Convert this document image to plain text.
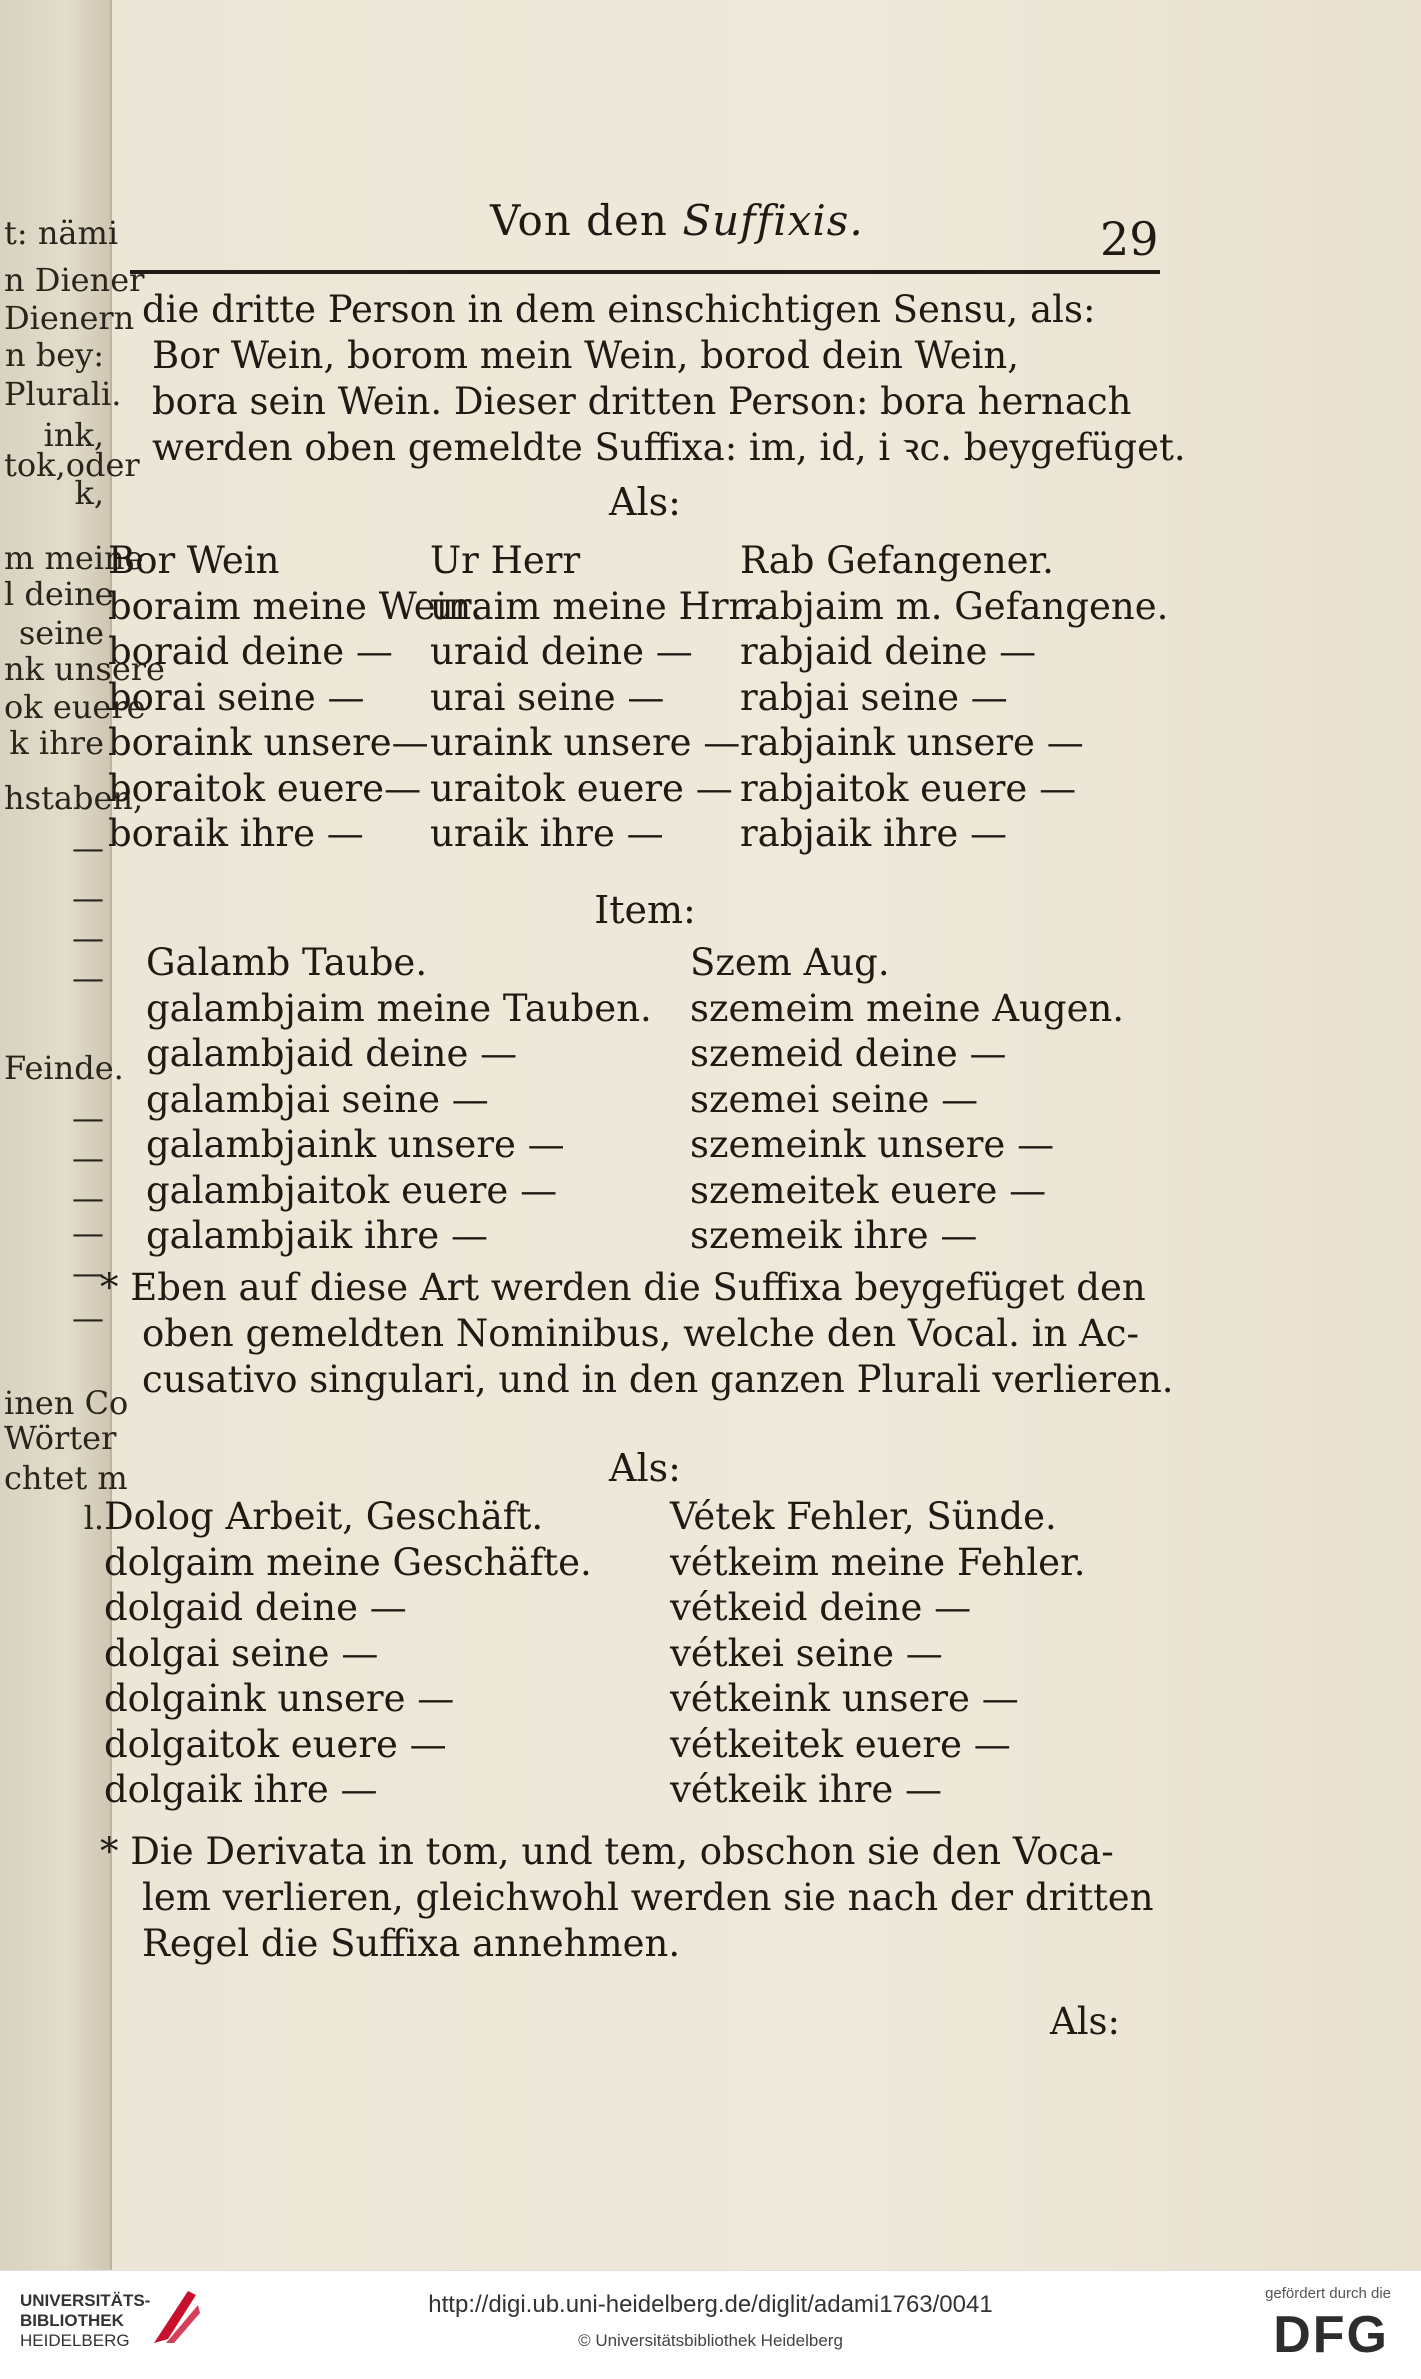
t: nämi
n Diener
Dienern
n bey:
Plurali.
ink,
tok,oder
k,
m meine
l deine
seine
nk unsere
ok euere
k ihre
hstaben,
—
—
—
—
Feinde.
—
—
—
—
—
—
inen Co
Wörter
chtet m
l.
Von den Suffixis.	29
die dritte Person in dem einschichtigen Sensu, als:
Bor Wein, borom mein Wein, borod dein Wein,
bora sein Wein. Dieser dritten Person: bora hernach
werden oben gemeldte Suffixa: im, id, i ꝛc. beygefüget.
Als:
Bor Wein
boraim meine Wein.
boraid deine —
borai seine —
boraink unsere—
boraitok euere—
boraik ihre —
Ur Herr
uraim meine Hrn.
uraid deine —
urai seine —
uraink unsere —
uraitok euere —
uraik ihre —
Rab Gefangener.
rabjaim m. Gefangene.
rabjaid deine —
rabjai seine —
rabjaink unsere —
rabjaitok euere —
rabjaik ihre —
Item:
Galamb Taube.
galambjaim meine Tauben.
galambjaid deine —
galambjai seine —
galambjaink unsere —
galambjaitok euere —
galambjaik ihre —
Szem Aug.
szemeim meine Augen.
szemeid deine —
szemei seine —
szemeink unsere —
szemeitek euere —
szemeik ihre —
* Eben auf diese Art werden die Suffixa beygefüget den
oben gemeldten Nominibus, welche den Vocal. in Ac-
cusativo singulari, und in den ganzen Plurali verlieren.
Als:
Dolog Arbeit, Geschäft.
dolgaim meine Geschäfte.
dolgaid deine —
dolgai seine —
dolgaink unsere —
dolgaitok euere —
dolgaik ihre —
Vétek Fehler, Sünde.
vétkeim meine Fehler.
vétkeid deine —
vétkei seine —
vétkeink unsere —
vétkeitek euere —
vétkeik ihre —
* Die Derivata in tom, und tem, obschon sie den Voca-
lem verlieren, gleichwohl werden sie nach der dritten
Regel die Suffixa annehmen.
Als:
UNIVERSITÄTS-
BIBLIOTHEK
HEIDELBERG
http://digi.ub.uni-heidelberg.de/diglit/adami1763/0041
© Universitätsbibliothek Heidelberg
gefördert durch die
DFG
